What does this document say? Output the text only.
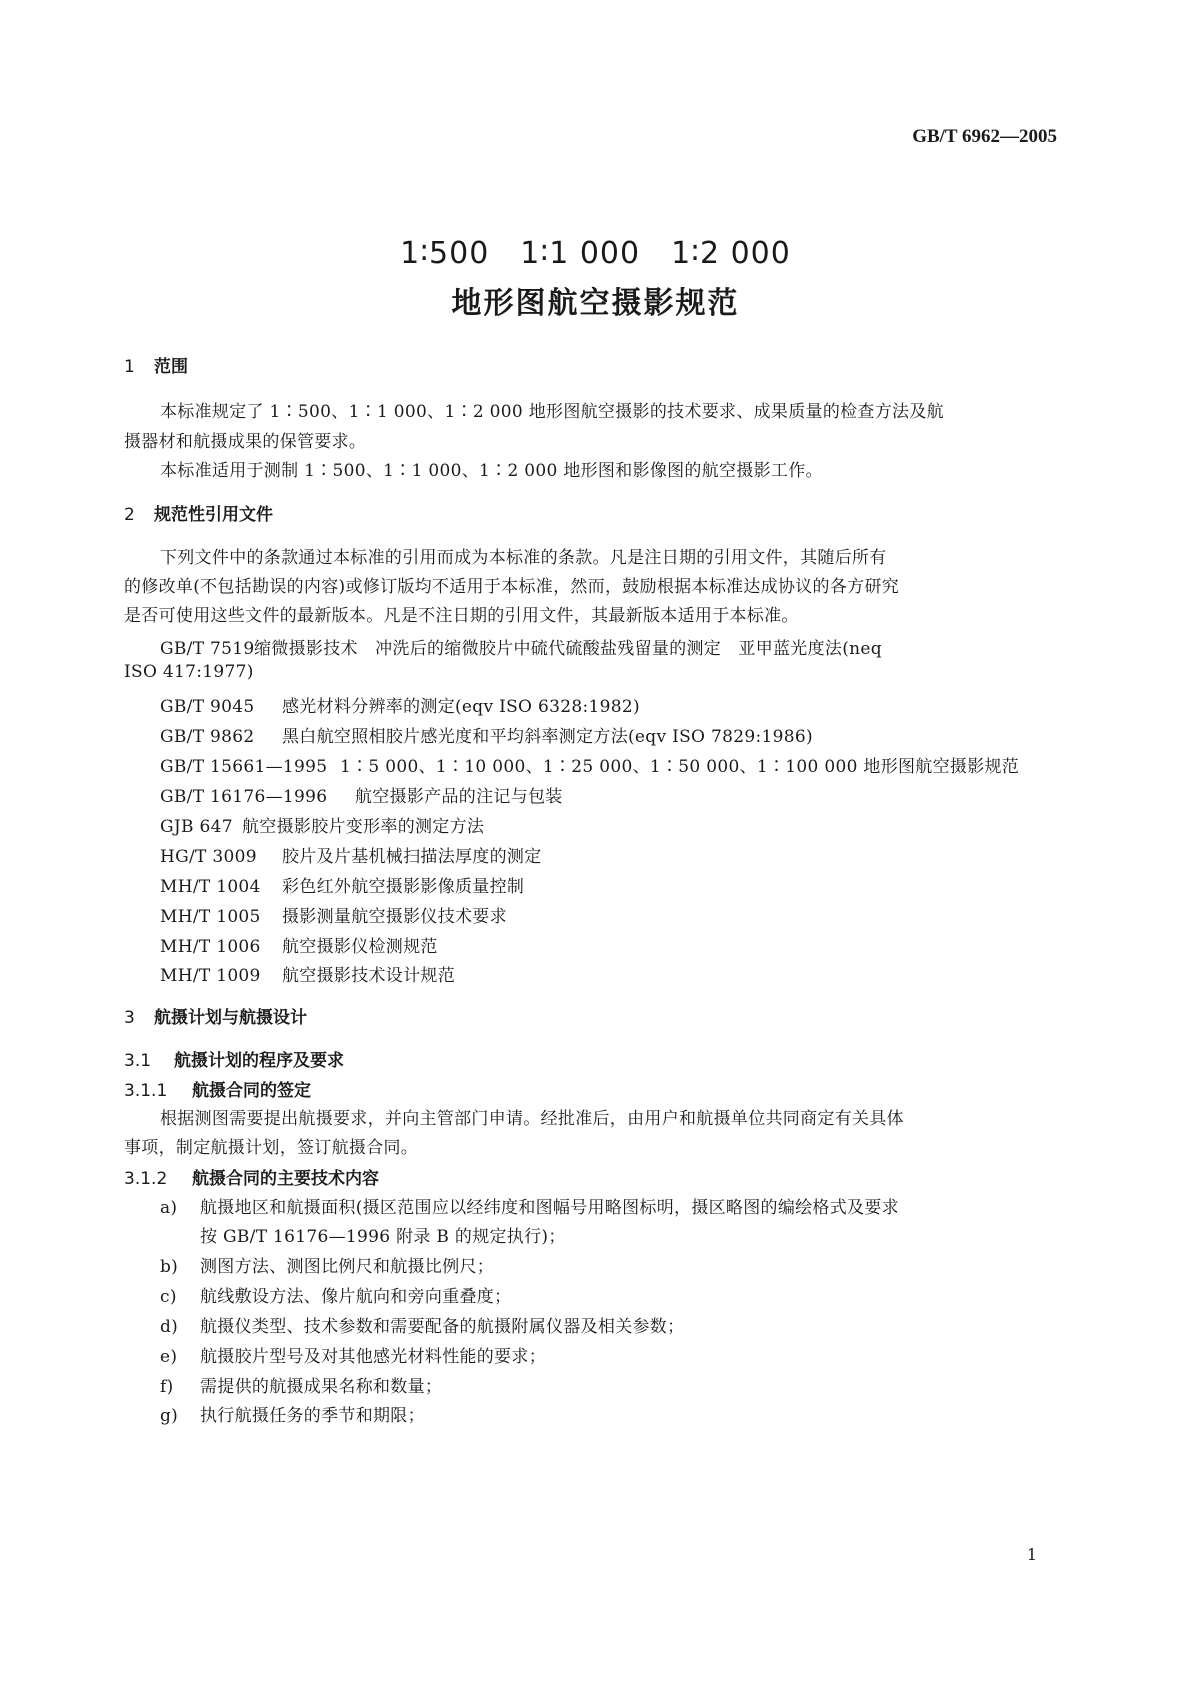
GB/T 6962—2005
1∶500　1∶1 000　1∶2 000
地形图航空摄影规范
1 范围
本标准规定了 1∶500、1∶1 000、1∶2 000 地形图航空摄影的技术要求、成果质量的检查方法及航
摄器材和航摄成果的保管要求。
本标准适用于测制 1∶500、1∶1 000、1∶2 000 地形图和影像图的航空摄影工作。
2 规范性引用文件
下列文件中的条款通过本标准的引用而成为本标准的条款。凡是注日期的引用文件，其随后所有
的修改单(不包括勘误的内容)或修订版均不适用于本标准，然而，鼓励根据本标准达成协议的各方研究
是否可使用这些文件的最新版本。凡是不注日期的引用文件，其最新版本适用于本标准。
GB/T 7519缩微摄影技术　冲洗后的缩微胶片中硫代硫酸盐残留量的测定　亚甲蓝光度法(neq
ISO 417:1977)
GB/T 9045 感光材料分辨率的测定(eqv ISO 6328:1982)
GB/T 9862 黑白航空照相胶片感光度和平均斜率测定方法(eqv ISO 7829:1986)
GB/T 15661—1995 1∶5 000、1∶10 000、1∶25 000、1∶50 000、1∶100 000 地形图航空摄影规范
GB/T 16176—1996 航空摄影产品的注记与包装
GJB 647 航空摄影胶片变形率的测定方法
HG/T 3009 胶片及片基机械扫描法厚度的测定
MH/T 1004 彩色红外航空摄影影像质量控制
MH/T 1005 摄影测量航空摄影仪技术要求
MH/T 1006 航空摄影仪检测规范
MH/T 1009 航空摄影技术设计规范
3 航摄计划与航摄设计
3.1 航摄计划的程序及要求
3.1.1 航摄合同的签定
根据测图需要提出航摄要求，并向主管部门申请。经批准后，由用户和航摄单位共同商定有关具体
事项，制定航摄计划，签订航摄合同。
3.1.2 航摄合同的主要技术内容
a) 航摄地区和航摄面积(摄区范围应以经纬度和图幅号用略图标明，摄区略图的编绘格式及要求
按 GB/T 16176—1996 附录 B 的规定执行)；
b) 测图方法、测图比例尺和航摄比例尺；
c) 航线敷设方法、像片航向和旁向重叠度；
d) 航摄仪类型、技术参数和需要配备的航摄附属仪器及相关参数；
e) 航摄胶片型号及对其他感光材料性能的要求；
f) 需提供的航摄成果名称和数量；
g) 执行航摄任务的季节和期限；
1
